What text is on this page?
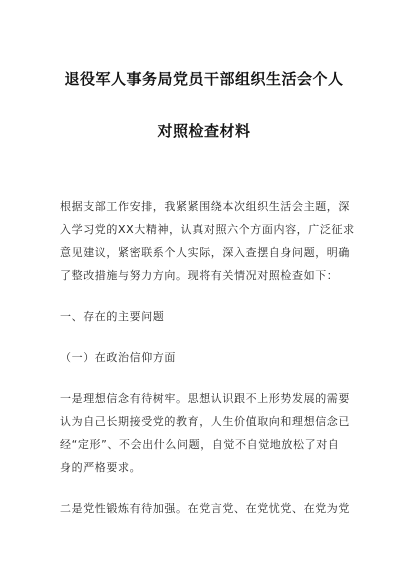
退役军人事务局党员干部组织生活会个人
对照检查材料
根据支部工作安排，我紧紧围绕本次组织生活会主题，深
入学习党的XX大精神，认真对照六个方面内容，广泛征求
意见建议，紧密联系个人实际，深入查摆自身问题，明确
了整改措施与努力方向。现将有关情况对照检查如下：
一、存在的主要问题
（一）在政治信仰方面
一是理想信念有待树牢。思想认识跟不上形势发展的需要
认为自己长期接受党的教育，人生价值取向和理想信念已
经“定形”、不会出什么问题，自觉不自觉地放松了对自
身的严格要求。
二是党性锻炼有待加强。在党言党、在党忧党、在党为党
